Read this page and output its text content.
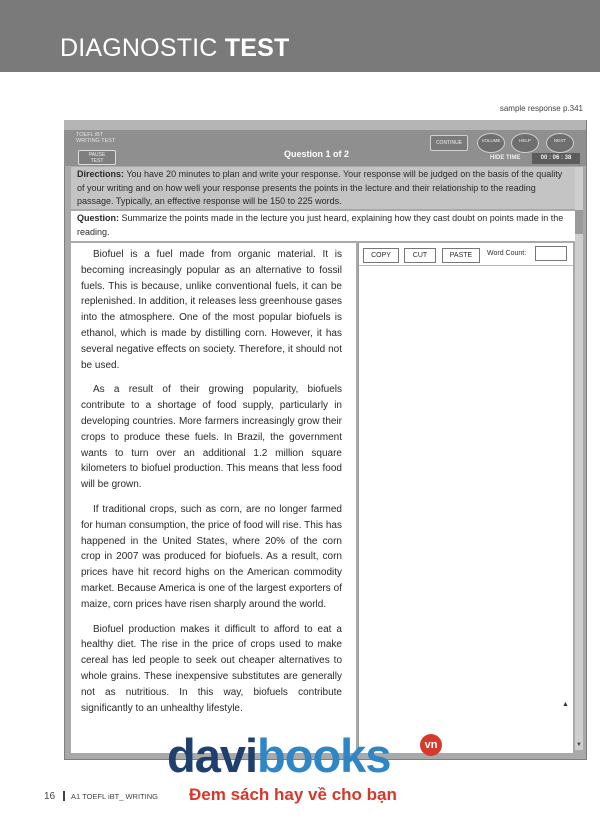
DIAGNOSTIC TEST
sample response p.341
TOEFL iBT
WRITING TEST
PAUSE
TEST
Question 1 of 2
CONTINUE	VOLUME	HELP	NEXT
HIDE TIME	00 : 06 : 38
Directions: You have 20 minutes to plan and write your response. Your response will be judged on the basis of the quality of your writing and on how well your response presents the points in the lecture and their relationship to the reading passage. Typically, an effective response will be 150 to 225 words.
Question: Summarize the points made in the lecture you just heard, explaining how they cast doubt on points made in the reading.
▼

Biofuel is a fuel made from organic material. It is becoming increasingly popular as an alternative to fossil fuels. This is because, unlike conventional fuels, it can be replenished. In addition, it releases less greenhouse gases into the atmosphere. One of the most popular biofuels is ethanol, which is made by distilling corn. However, it has several negative effects on society. Therefore, it should not be used.

As a result of their growing popularity, biofuels contribute to a shortage of food supply, particularly in developing countries. More farmers increasingly grow their crops to produce these fuels. In Brazil, the government wants to turn over an additional 1.2 million square kilometers to biofuel production. This means that less food will be grown.

If traditional crops, such as corn, are no longer farmed for human consumption, the price of food will rise. This has happened in the United States, where 20% of the corn crop in 2007 was produced for biofuels. As a result, corn prices have hit record highs on the American commodity market. Because America is one of the largest exporters of maize, corn prices have risen sharply around the world.

Biofuel production makes it difficult to afford to eat a healthy diet. The rise in the price of crops used to make cereal has led people to seek out cheaper alternatives to whole grains. These inexpensive substitutes are generally not as nutritious. In this way, biofuels contribute significantly to an unhealthy lifestyle.

COPY	CUT	PASTE	Word Count:
▲
davibooks	vn
Đem sách hay về cho bạn
16 A1 TOEFL iBT_ WRITING
